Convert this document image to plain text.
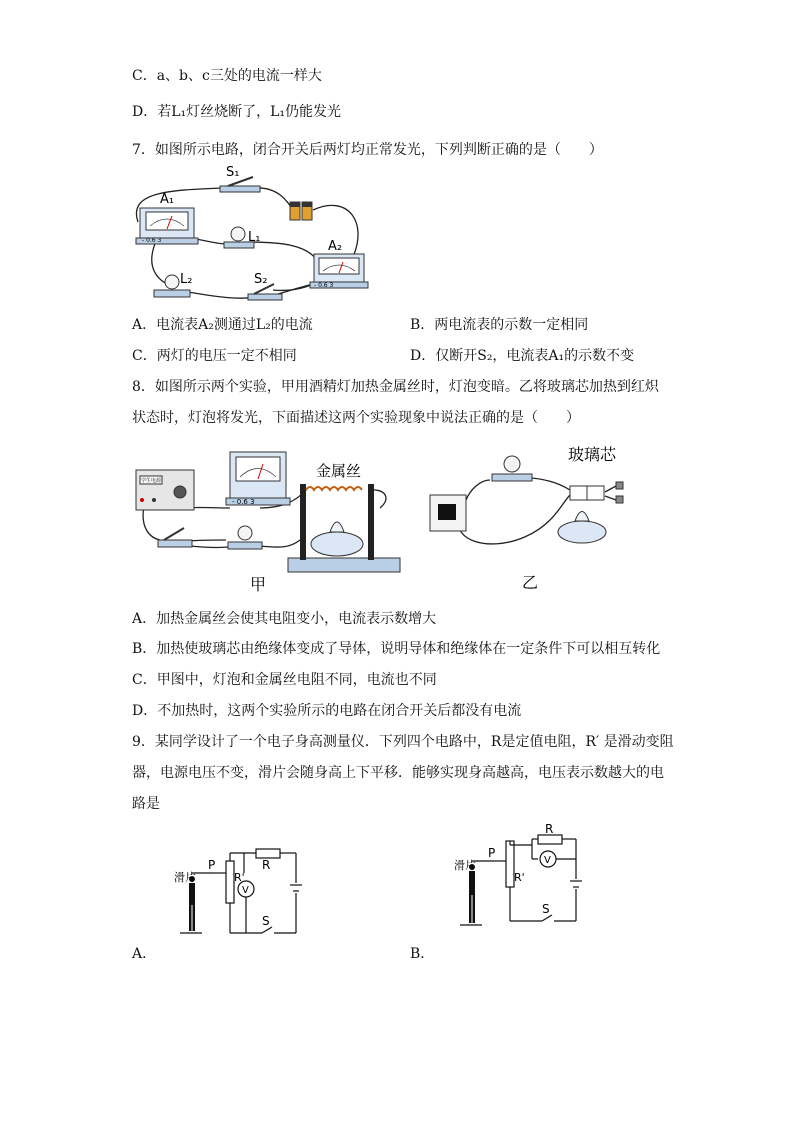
C．a、b、c三处的电流一样大
D．若L₁灯丝烧断了，L₁仍能发光
7．如图所示电路，闭合开关后两灯均正常发光，下列判断正确的是（　　）
A₁
- 0.6 3
S₁
L₁
A₂
- 0.6 3
L₂	S₂
A．电流表A₂测通过L₂的电流	B．两电流表的示数一定相同
C．两灯的电压一定不相同	D．仅断开S₂，电流表A₁的示数不变
8．如图所示两个实验，甲用酒精灯加热金属丝时，灯泡变暗。乙将玻璃芯加热到红炽
状态时，灯泡将发光，下面描述这两个实验现象中说法正确的是（　　）
学生电源
- 0.6 3
金属丝
甲
玻璃芯
乙
A．加热金属丝会使其电阻变小，电流表示数增大
B．加热使玻璃芯由绝缘体变成了导体，说明导体和绝缘体在一定条件下可以相互转化
C．甲图中，灯泡和金属丝电阻不同，电流也不同
D．不加热时，这两个实验所示的电路在闭合开关后都没有电流
9．某同学设计了一个电子身高测量仪．下列四个电路中，R是定值电阻，R′ 是滑动变阻
器，电源电压不变，滑片会随身高上下平移．能够实现身高越高，电压表示数越大的电
路是
滑片
P
R'
R
V
S
A．
滑片
P
R'
R
V
S
B．
